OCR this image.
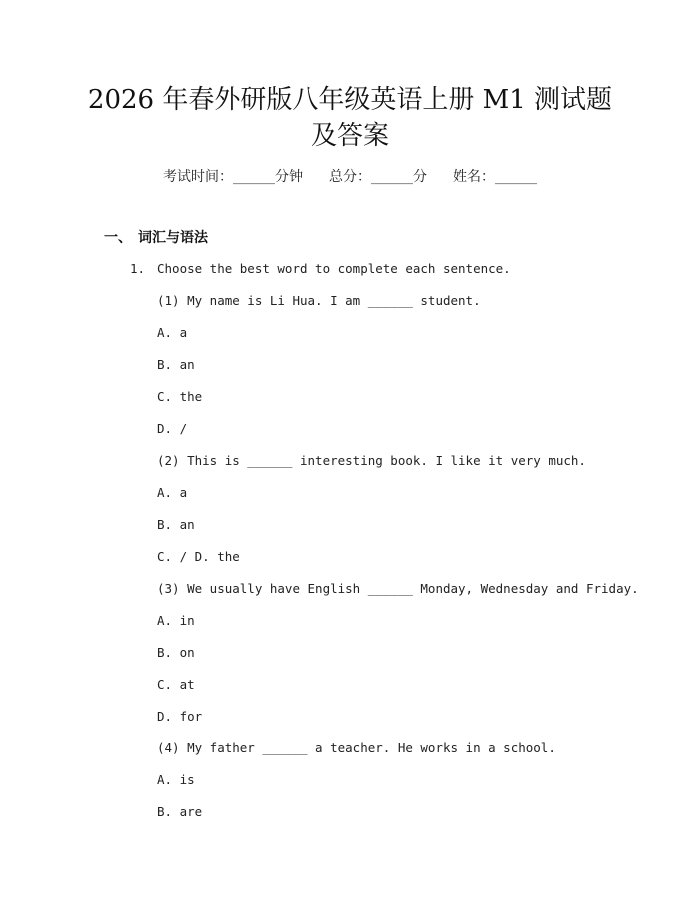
2026 年春外研版八年级英语上册 M1 测试题
及答案
考试时间：______分钟 总分：______分 姓名：______
一、 词汇与语法
1. Choose the best word to complete each sentence.
(1) My name is Li Hua. I am ______ student.
A. a
B. an
C. the
D. /
(2) This is ______ interesting book. I like it very much.
A. a
B. an
C. / D. the
(3) We usually have English ______ Monday, Wednesday and Friday.
A. in
B. on
C. at
D. for
(4) My father ______ a teacher. He works in a school.
A. is
B. are
